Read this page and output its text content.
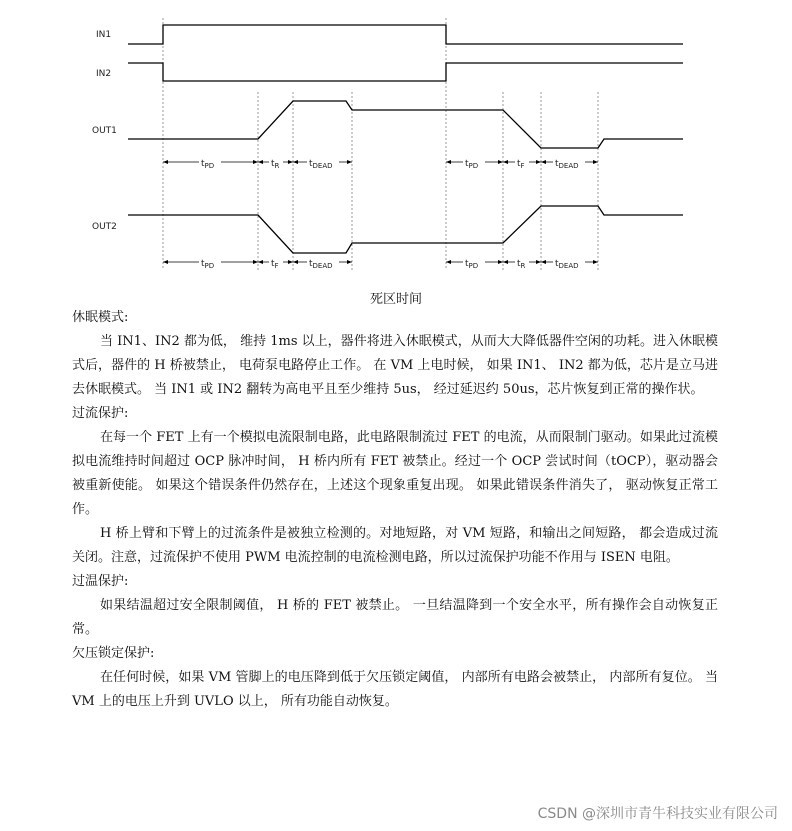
IN1
IN2
OUT1
OUT2
$t_{PD}$	$t_R$	$t_{DEAD}$	$t_{PD}$	$t_F$	$t_{DEAD}$
$t_{PD}$	$t_F$	$t_{DEAD}$	$t_{PD}$	$t_R$	$t_{DEAD}$
死区时间

休眠模式:

当 IN1、IN2 都为低， 维持 1ms 以上，器件将进入休眠模式，从而大大降低器件空闲的功耗。进入休眠模式后，器件的 H 桥被禁止， 电荷泵电路停止工作。 在 VM 上电时候， 如果 IN1、 IN2 都为低，芯片是立马进去休眠模式。 当 IN1 或 IN2 翻转为高电平且至少维持 5us， 经过延迟约 50us，芯片恢复到正常的操作状。

过流保护:

在每一个 FET 上有一个模拟电流限制电路，此电路限制流过 FET 的电流，从而限制门驱动。如果此过流模拟电流维持时间超过 OCP 脉冲时间， H 桥内所有 FET 被禁止。经过一个 OCP 尝试时间（tOCP），驱动器会被重新使能。 如果这个错误条件仍然存在，上述这个现象重复出现。 如果此错误条件消失了， 驱动恢复正常工作。

H 桥上臂和下臂上的过流条件是被独立检测的。对地短路，对 VM 短路，和输出之间短路， 都会造成过流关闭。注意，过流保护不使用 PWM 电流控制的电流检测电路，所以过流保护功能不作用与 ISEN 电阻。

过温保护:

如果结温超过安全限制阈值， H 桥的 FET 被禁止。 一旦结温降到一个安全水平，所有操作会自动恢复正常。

欠压锁定保护:

在任何时候，如果 VM 管脚上的电压降到低于欠压锁定阈值， 内部所有电路会被禁止， 内部所有复位。 当 VM 上的电压上升到 UVLO 以上， 所有功能自动恢复。

CSDN @深圳市青牛科技实业有限公司
